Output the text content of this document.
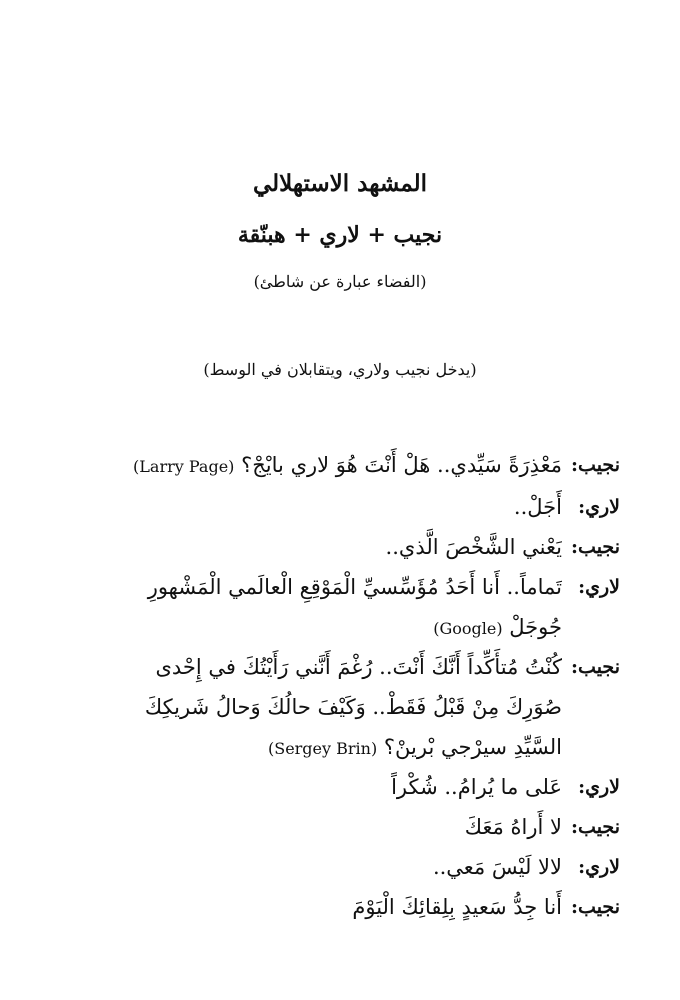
المشهد الاستهلالي
نجيب + لاري + هبنّقة
(الفضاء عبارة عن شاطئ)
(يدخل نجيب ولاري، ويتقابلان في الوسط)
نجيب:
مَعْذِرَةً سَيِّدي.. هَلْ أَنْتَ هُوَ لاري بايْجْ؟ (Larry Page)
لاري:
أَجَلْ..
نجيب:
يَعْني الشَّخْصَ الَّذي..
لاري:
تَماماً.. أَنا أَحَدُ مُؤَسِّسيِّ الْمَوْقِعِ الْعالَمي الْمَشْهورِ
جُوجَلْ (Google)
نجيب:
كُنْتُ مُتأَكِّداً أَنَّكَ أَنْتَ.. رُغْمَ أَنَّني رَأَيْتُكَ في إِحْدى
صُوَرِكَ مِنْ قَبْلُ فَقَطْ.. وَكَيْفَ حالُكَ وَحالُ شَريكِكَ
السَّيِّدِ سيرْجي بْرينْ؟ (Sergey Brin)
لاري:
عَلى ما يُرامُ.. شُكْراً
نجيب:
لا أَراهُ مَعَكَ
لاري:
لالا لَيْسَ مَعي..
نجيب:
أَنا جِدُّ سَعيدٍ بِلِقائِكَ الْيَوْمَ
